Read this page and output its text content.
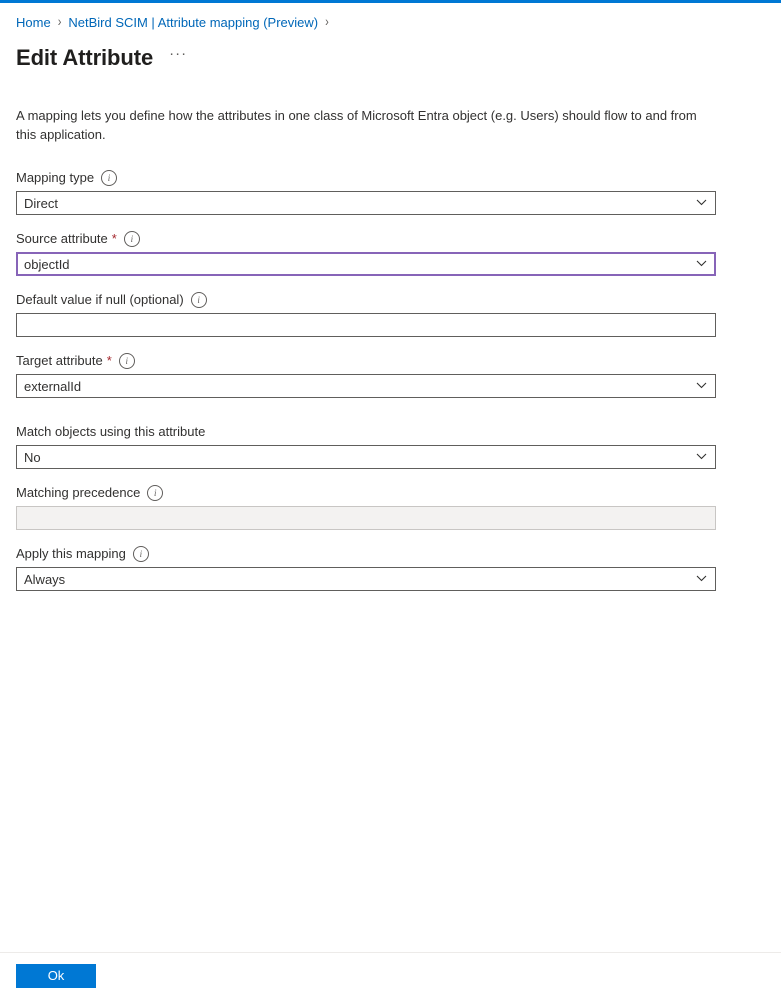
Home › NetBird SCIM | Attribute mapping (Preview) ›
Edit Attribute ···
A mapping lets you define how the attributes in one class of Microsoft Entra object (e.g. Users) should flow to and from this application.
Mapping type	i
Direct
Source attribute *	i
objectId
Default value if null (optional)	i
Target attribute *	i
externalId
Match objects using this attribute
No
Matching precedence	i
Apply this mapping	i
Always
Ok
